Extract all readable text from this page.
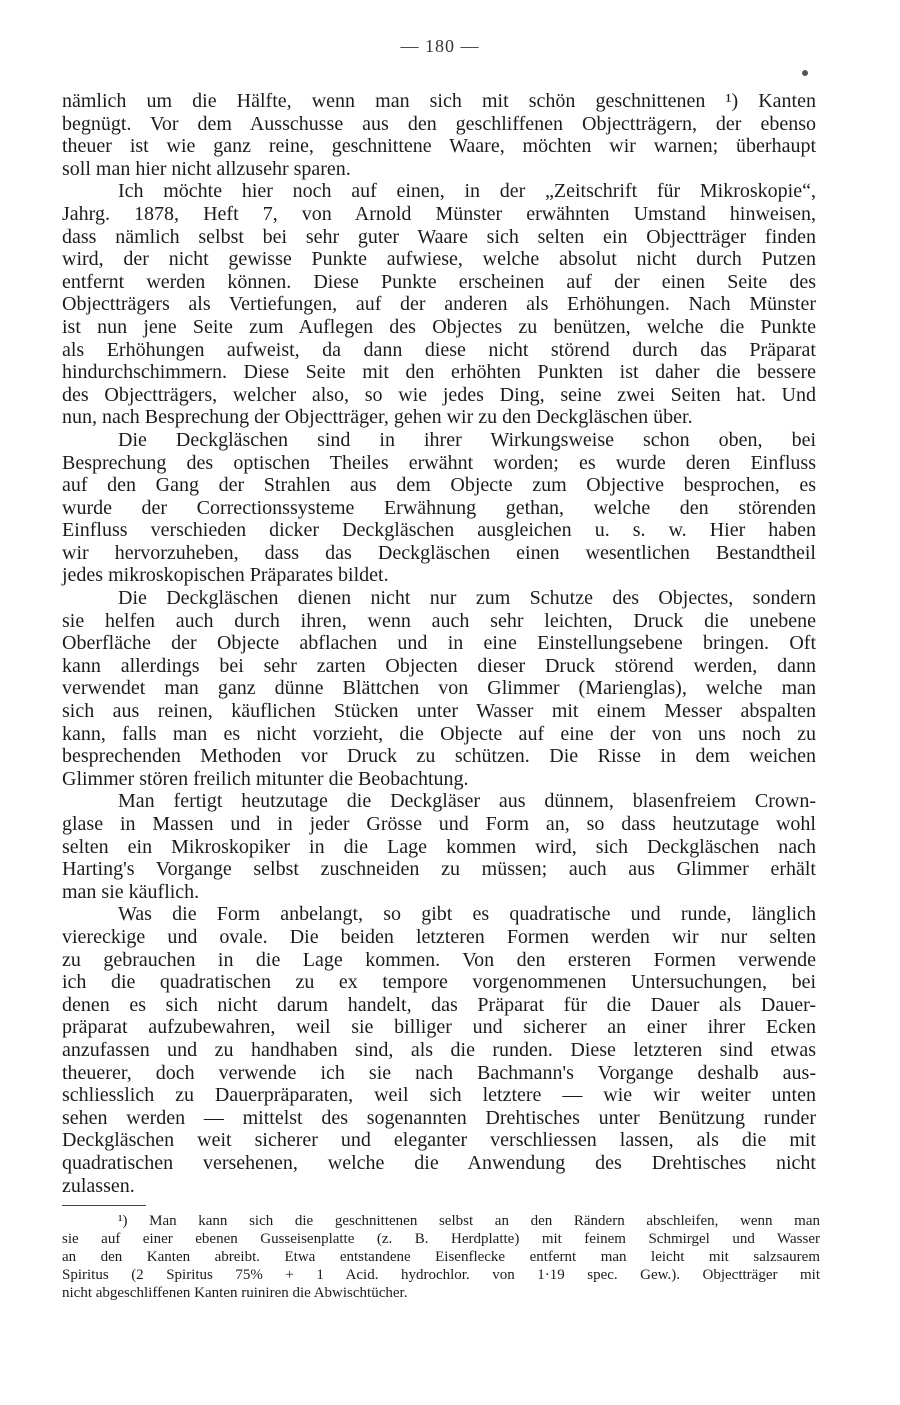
— 180 —
nämlich um die Hälfte, wenn man sich mit schön geschnittenen ¹) Kanten
begnügt. Vor dem Ausschusse aus den geschliffenen Objectträgern, der ebenso
theuer ist wie ganz reine, geschnittene Waare, möchten wir warnen; überhaupt
soll man hier nicht allzusehr sparen.
Ich möchte hier noch auf einen, in der „Zeitschrift für Mikroskopie“,
Jahrg. 1878, Heft 7, von Arnold Münster erwähnten Umstand hinweisen,
dass nämlich selbst bei sehr guter Waare sich selten ein Objectträger finden
wird, der nicht gewisse Punkte aufwiese, welche absolut nicht durch Putzen
entfernt werden können. Diese Punkte erscheinen auf der einen Seite des
Objectträgers als Vertiefungen, auf der anderen als Erhöhungen. Nach Münster
ist nun jene Seite zum Auflegen des Objectes zu benützen, welche die Punkte
als Erhöhungen aufweist, da dann diese nicht störend durch das Präparat
hindurchschimmern. Diese Seite mit den erhöhten Punkten ist daher die bessere
des Objectträgers, welcher also, so wie jedes Ding, seine zwei Seiten hat. Und
nun, nach Besprechung der Objectträger, gehen wir zu den Deckgläschen über.
Die Deckgläschen sind in ihrer Wirkungsweise schon oben, bei
Besprechung des optischen Theiles erwähnt worden; es wurde deren Einfluss
auf den Gang der Strahlen aus dem Objecte zum Objective besprochen, es
wurde der Correctionssysteme Erwähnung gethan, welche den störenden
Einfluss verschieden dicker Deckgläschen ausgleichen u. s. w. Hier haben
wir hervorzuheben, dass das Deckgläschen einen wesentlichen Bestandtheil
jedes mikroskopischen Präparates bildet.
Die Deckgläschen dienen nicht nur zum Schutze des Objectes, sondern
sie helfen auch durch ihren, wenn auch sehr leichten, Druck die unebene
Oberfläche der Objecte abflachen und in eine Einstellungsebene bringen. Oft
kann allerdings bei sehr zarten Objecten dieser Druck störend werden, dann
verwendet man ganz dünne Blättchen von Glimmer (Marienglas), welche man
sich aus reinen, käuflichen Stücken unter Wasser mit einem Messer abspalten
kann, falls man es nicht vorzieht, die Objecte auf eine der von uns noch zu
besprechenden Methoden vor Druck zu schützen. Die Risse in dem weichen
Glimmer stören freilich mitunter die Beobachtung.
Man fertigt heutzutage die Deckgläser aus dünnem, blasenfreiem Crown-
glase in Massen und in jeder Grösse und Form an, so dass heutzutage wohl
selten ein Mikroskopiker in die Lage kommen wird, sich Deckgläschen nach
Harting's Vorgange selbst zuschneiden zu müssen; auch aus Glimmer erhält
man sie käuflich.
Was die Form anbelangt, so gibt es quadratische und runde, länglich
viereckige und ovale. Die beiden letzteren Formen werden wir nur selten
zu gebrauchen in die Lage kommen. Von den ersteren Formen verwende
ich die quadratischen zu ex tempore vorgenommenen Untersuchungen, bei
denen es sich nicht darum handelt, das Präparat für die Dauer als Dauer-
präparat aufzubewahren, weil sie billiger und sicherer an einer ihrer Ecken
anzufassen und zu handhaben sind, als die runden. Diese letzteren sind etwas
theuerer, doch verwende ich sie nach Bachmann's Vorgange deshalb aus-
schliesslich zu Dauerpräparaten, weil sich letztere — wie wir weiter unten
sehen werden — mittelst des sogenannten Drehtisches unter Benützung runder
Deckgläschen weit sicherer und eleganter verschliessen lassen, als die mit
quadratischen versehenen, welche die Anwendung des Drehtisches nicht
zulassen.
¹) Man kann sich die geschnittenen selbst an den Rändern abschleifen, wenn man
sie auf einer ebenen Gusseisenplatte (z. B. Herdplatte) mit feinem Schmirgel und Wasser
an den Kanten abreibt. Etwa entstandene Eisenflecke entfernt man leicht mit salzsaurem
Spiritus (2 Spiritus 75% + 1 Acid. hydrochlor. von 1·19 spec. Gew.). Objectträger mit
nicht abgeschliffenen Kanten ruiniren die Abwischtücher.
